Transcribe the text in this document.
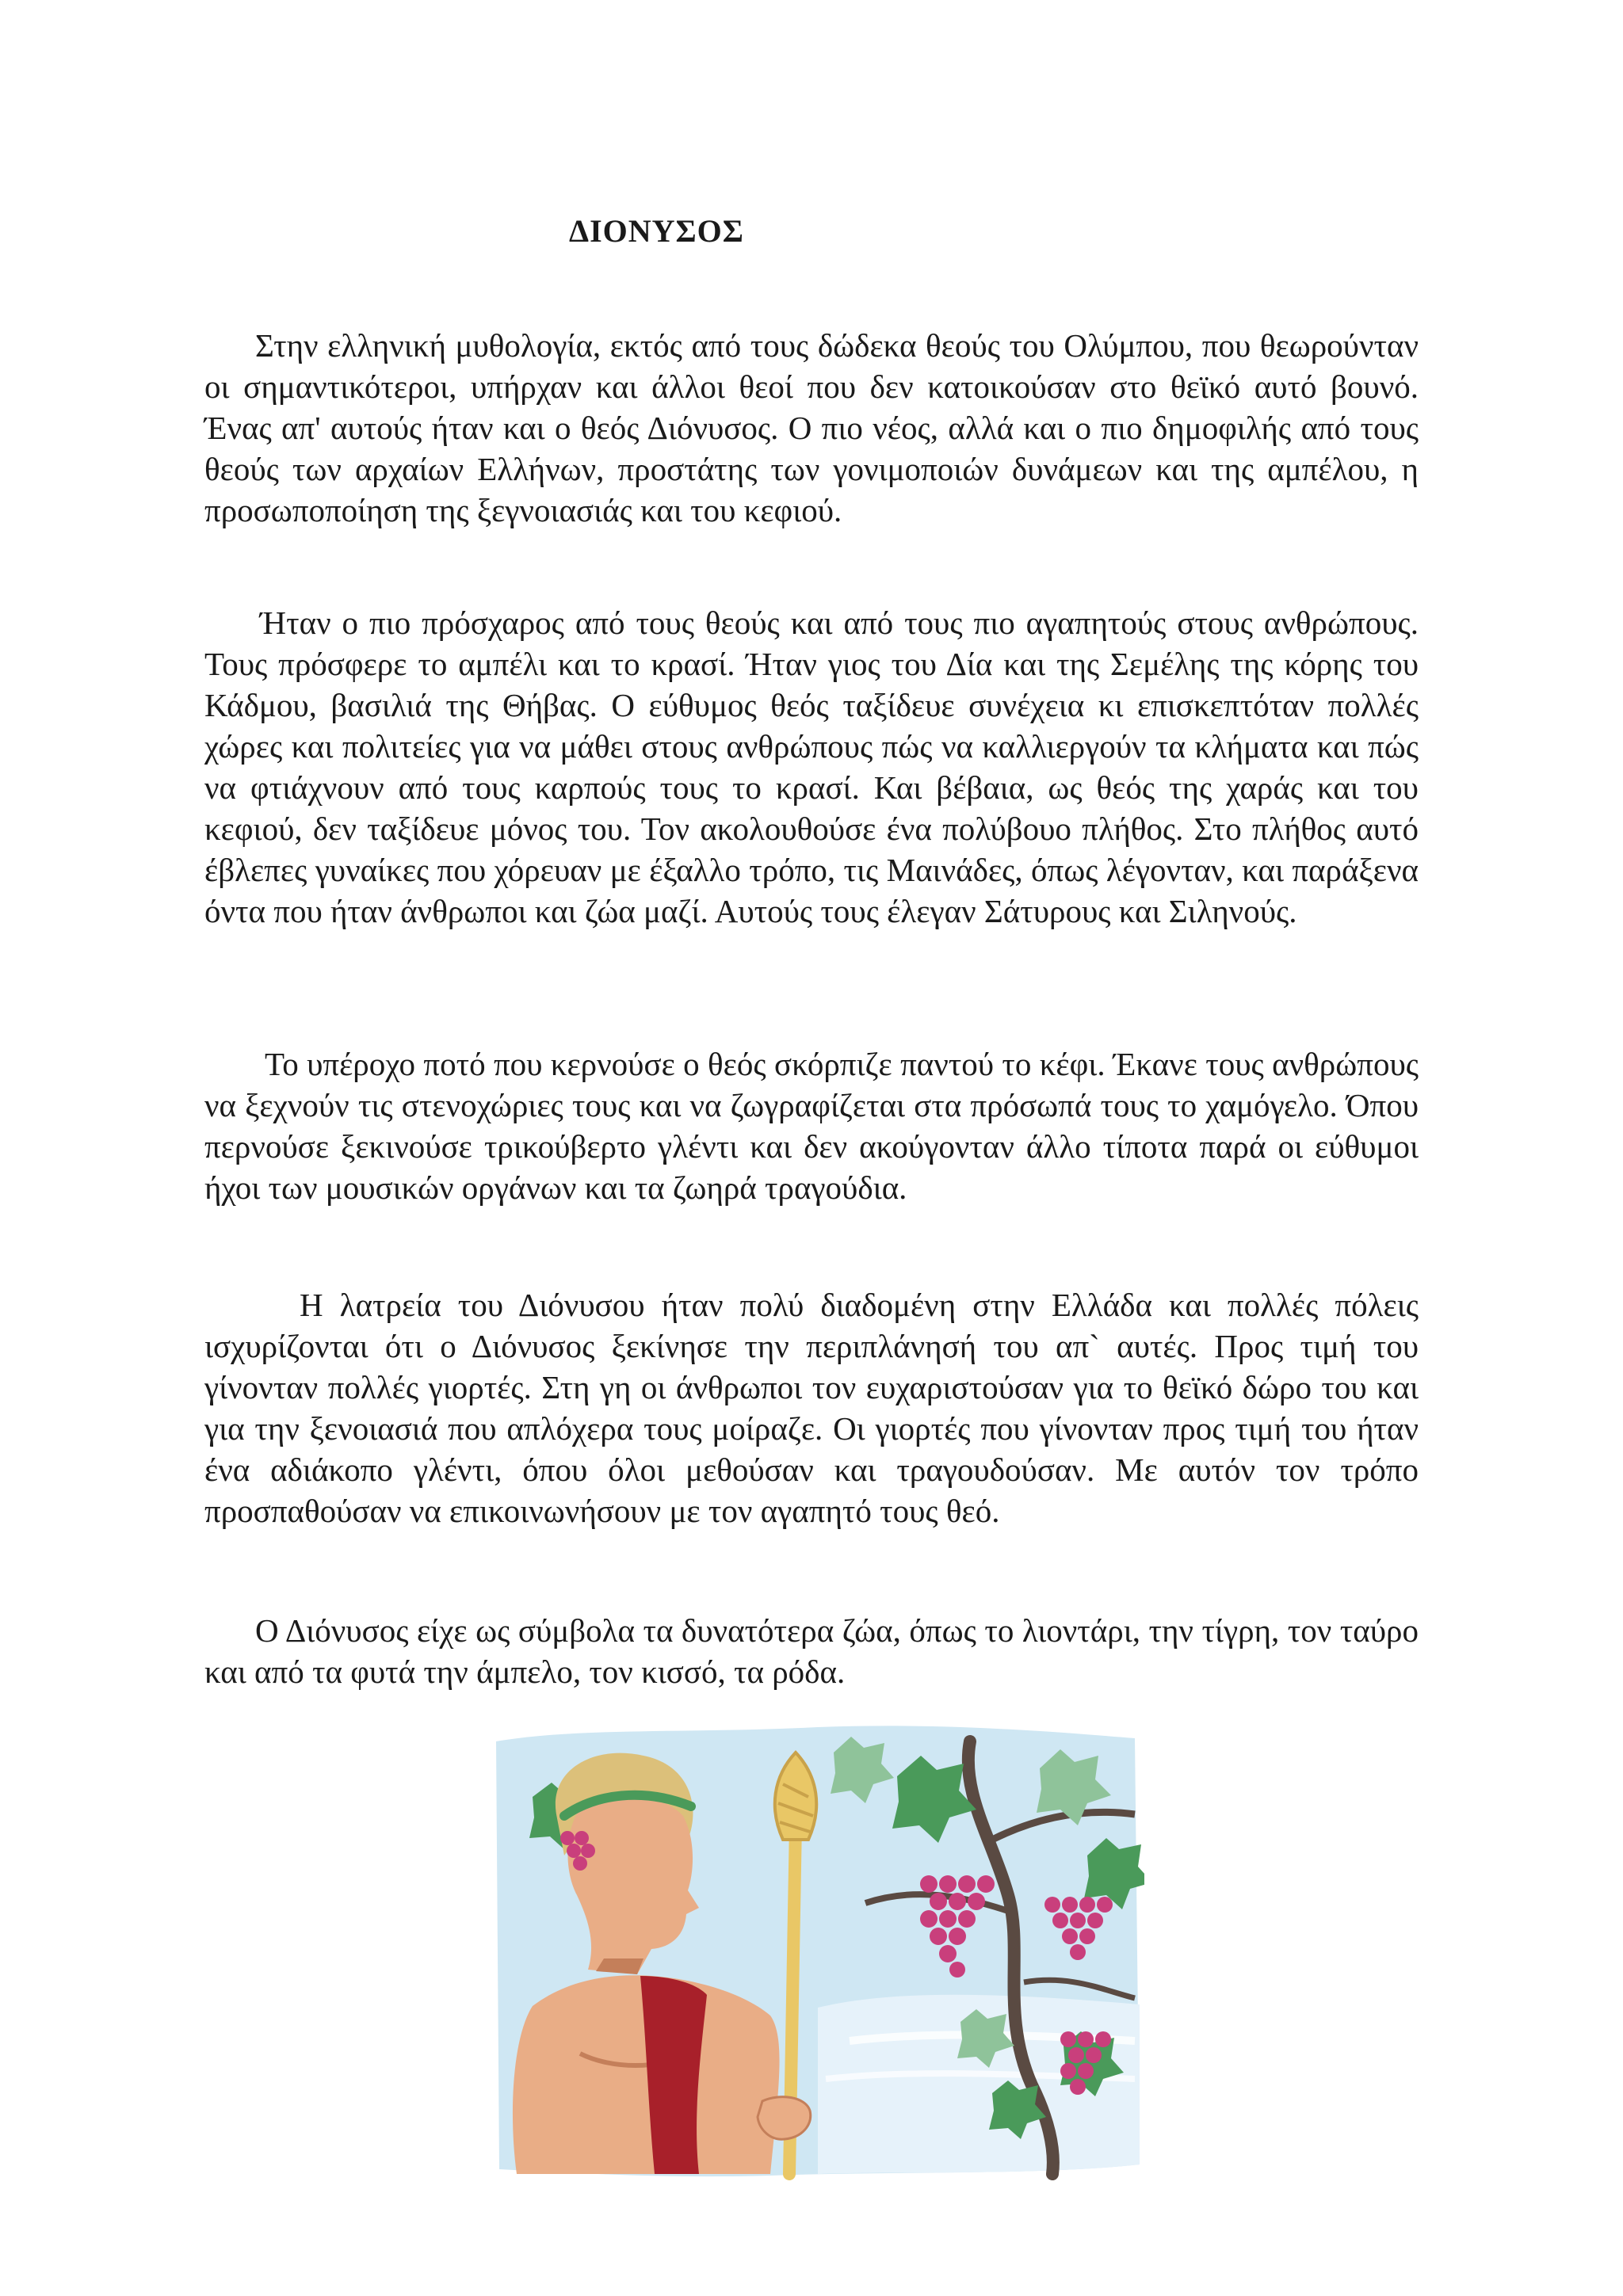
ΔΙΟΝΥΣΟΣ

Στην ελληνική μυθολογία, εκτός από τους δώδεκα θεούς του Ολύμπου, που θεωρούνταν οι σημαντικότεροι, υπήρχαν και άλλοι θεοί που δεν κατοικούσαν στο θεϊκό αυτό βουνό. Ένας απ' αυτούς ήταν και ο θεός Διόνυσος. Ο πιο νέος, αλλά και ο πιο δημοφιλής από τους θεούς των αρχαίων Ελλήνων, προστάτης των γονιμοποιών δυνάμεων και της αμπέλου, η προσωποποίηση της ξεγνοιασιάς και του κεφιού.

Ήταν ο πιο πρόσχαρος από τους θεούς και από τους πιο αγαπητούς στους ανθρώπους. Τους πρόσφερε το αμπέλι και το κρασί. Ήταν γιος του Δία και της Σεμέλης της κόρης του Κάδμου, βασιλιά της Θήβας. Ο εύθυμος θεός ταξίδευε συνέχεια κι επισκεπτόταν πολλές χώρες και πολιτείες για να μάθει στους ανθρώπους πώς να καλλιεργούν τα κλήματα και πώς να φτιάχνουν από τους καρπούς τους το κρασί. Και βέβαια, ως θεός της χαράς και του κεφιού, δεν ταξίδευε μόνος του. Τον ακολουθούσε ένα πολύβουο πλήθος. Στο πλήθος αυτό έβλεπες γυναίκες που χόρευαν με έξαλλο τρόπο, τις Μαινάδες, όπως λέγονταν, και παράξενα όντα που ήταν άνθρωποι και ζώα μαζί. Αυτούς τους έλεγαν Σάτυρους και Σιληνούς.

Το υπέροχο ποτό που κερνούσε ο θεός σκόρπιζε παντού το κέφι. Έκανε τους ανθρώπους να ξεχνούν τις στενοχώριες τους και να ζωγραφίζεται στα πρόσωπά τους το χαμόγελο. Όπου περνούσε ξεκινούσε τρικούβερτο γλέντι και δεν ακούγονταν άλλο τίποτα παρά οι εύθυμοι ήχοι των μουσικών οργάνων και τα ζωηρά τραγούδια.

Η λατρεία του Διόνυσου ήταν πολύ διαδομένη στην Ελλάδα και πολλές πόλεις ισχυρίζονται ότι ο Διόνυσος ξεκίνησε την περιπλάνησή του απ` αυτές. Προς τιμή του γίνονταν πολλές γιορτές. Στη γη οι άνθρωποι τον ευχαριστούσαν για το θεϊκό δώρο του και για την ξενοιασιά που απλόχερα τους μοίραζε. Οι γιορτές που γίνονταν προς τιμή του ήταν ένα αδιάκοπο γλέντι, όπου όλοι μεθούσαν και τραγουδούσαν. Με αυτόν τον τρόπο προσπαθούσαν να επικοινωνήσουν με τον αγαπητό τους θεό.

Ο Διόνυσος είχε ως σύμβολα τα δυνατότερα ζώα, όπως το λιοντάρι, την τίγρη, τον ταύρο και από τα φυτά την άμπελο, τον κισσό, τα ρόδα.
